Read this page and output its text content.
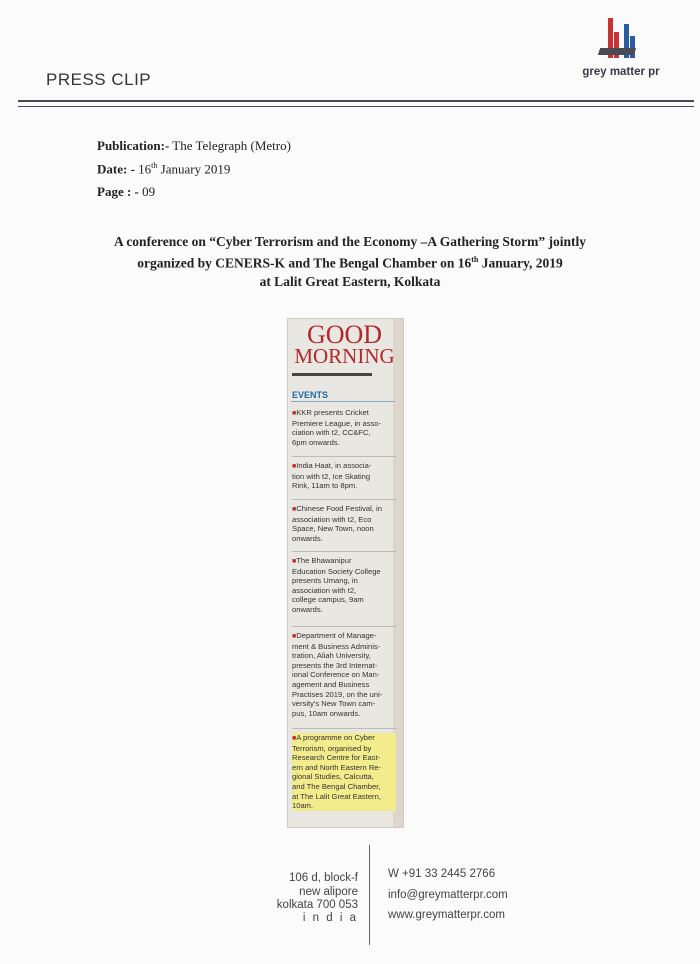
PRESS CLIP	grey matter pr
Publication:- The Telegraph (Metro)
Date: - 16th January 2019
Page : - 09
A conference on “Cyber Terrorism and the Economy –A Gathering Storm” jointly
organized by CENERS-K and The Bengal Chamber on 16th January, 2019
at Lalit Great Eastern, Kolkata
GOOD
MORNING
EVENTS
■KKR presents Cricket
Premiere League, in asso-
ciation with t2, CC&FC,
6pm onwards.
■India Haat, in associa-
tion with t2, Ice Skating
Rink, 11am to 8pm.
■Chinese Food Festival, in
association with t2, Eco
Space, New Town, noon
onwards.
■The Bhawanipur
Education Society College
presents Umang, in
association with t2,
college campus, 9am
onwards.
■Department of Manage-
ment & Business Adminis-
tration, Aliah University,
presents the 3rd Internat-
ional Conference on Man-
agement and Business
Practises 2019, on the uni-
versity's New Town cam-
pus, 10am onwards.
■A programme on Cyber
Terrorism, organised by
Research Centre for East-
ern and North Eastern Re-
gional Studies, Calcutta,
and The Bengal Chamber,
at The Lalit Great Eastern,
10am.
106 d, block-f
new alipore
kolkata 700 053
i n d i a
W +91 33 2445 2766
info@greymatterpr.com
www.greymatterpr.com
